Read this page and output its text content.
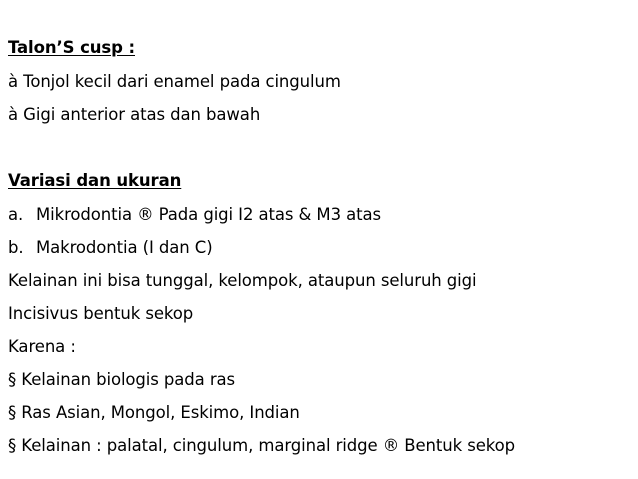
Talon’S cusp :
à Tonjol kecil dari enamel pada cingulum
à Gigi anterior atas dan bawah
Variasi dan ukuran
a. Mikrodontia ® Pada gigi I2 atas & M3 atas
b. Makrodontia (I dan C)
Kelainan ini bisa tunggal, kelompok, ataupun seluruh gigi
Incisivus bentuk sekop
Karena :
§ Kelainan biologis pada ras
§ Ras Asian, Mongol, Eskimo, Indian
§ Kelainan : palatal, cingulum, marginal ridge ® Bentuk sekop
